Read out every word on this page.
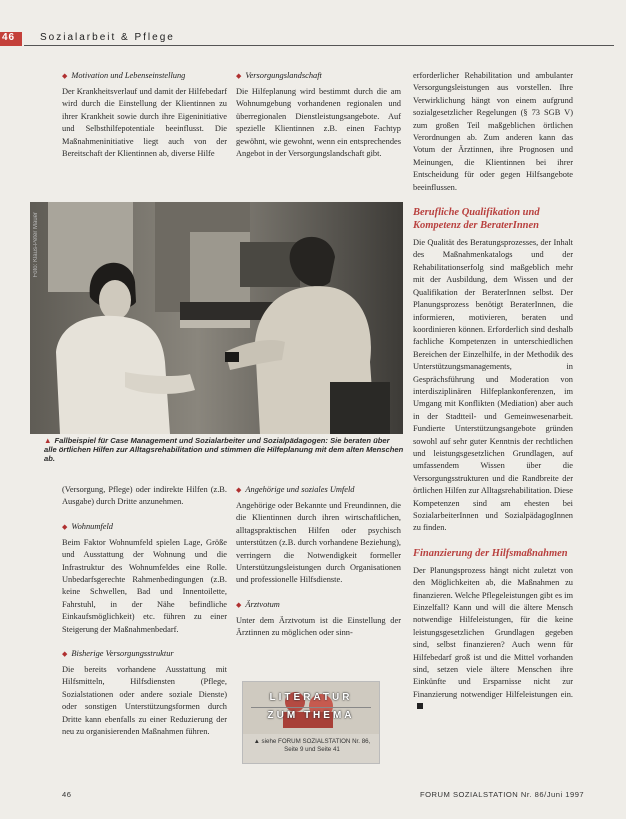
46 Sozialarbeit & Pflege
◆ Motivation und Lebenseinstellung

Der Krankheitsverlauf und damit der Hilfebedarf wird durch die Einstellung der Klientinnen zu ihrer Krankheit sowie durch ihre Eigeninitiative und Selbsthilfepotentiale beeinflusst. Die Maßnahmeninitiative liegt auch von der Bereitschaft der Klientinnen ab, diverse Hilfe

◆ Versorgungslandschaft

Die Hilfeplanung wird bestimmt durch die am Wohnumgebung vorhandenen regionalen und überregionalen Dienstleistungsangebote. Auf spezielle Klientinnen z.B. einen Fachtyp gewöhnt, wie gewohnt, wenn ein entsprechendes Angebot in der Versorgungslandschaft gibt.

erforderlicher Rehabilitation und ambulanter Versorgungsleistungen aus vorstellen. Ihre Verwirklichung hängt von einem aufgrund sozialgesetzlicher Regelungen (§ 73 SGB V) zum großen Teil maßgeblichen örtlichen Verordnungen ab. Zum anderen kann das Votum der Ärztinnen, ihre Prognosen und Meinungen, die Klientinnen bei ihrer Entscheidung für oder gegen Hilfsangebote beeinflussen.

Berufliche Qualifikation und Kompetenz der BeraterInnen

Die Qualität des Beratungsprozesses, der Inhalt des Maßnahmenkatalogs und der Rehabilitationserfolg sind maßgeblich mehr mit der Ausbildung, dem Wissen und der Qualifikation der BeraterInnen selbst. Der Planungsprozess benötigt BeraterInnen, die informieren, motivieren, beraten und koordinieren können. Erforderlich sind deshalb fachliche Kompetenzen in unterschiedlichen Bereichen der Einzelhilfe, in der Methodik des Unterstützungsmanagements, in Gesprächsführung und Moderation von interdisziplinären Hilfeplankonferenzen, im Umgang mit Konflikten (Mediation) aber auch in der Stadtteil- und Gemeinwesenarbeit. Fundierte Unterstützungsangebote gründen sowohl auf sehr guter Kenntnis der rechtlichen und leistungsgesetzlichen Grundlagen, auf umfassendem Wissen über die Versorgungsstrukturen und die Randbreite der örtlichen Hilfen zur Alltagsrehabilitation. Diese Kompetenzen sind am ehesten bei SozialarbeiterInnen und SozialpädagogInnen zu finden.

Finanzierung der Hilfsmaßnahmen

Der Planungsprozess hängt nicht zuletzt von den Möglichkeiten ab, die Maßnahmen zu finanzieren. Welche Pflegeleistungen gibt es im Einzelfall? Kann und will die ältere Mensch notwendige Hilfeleistungen, für die keine leistungsgesetzlichen Grundlagen gegeben sind, selbst finanzieren? Auch wenn für Hilfebedarf groß ist und die Mittel vorhanden sind, setzen viele ältere Menschen ihre Einkünfte und Ersparnisse nicht zur Finanzierung notwendiger Hilfeleistungen ein.

Foto: Klaus-Peter Mauer
▲ Fallbeispiel für Case Management und Sozialarbeiter und Sozialpädagogen: Sie beraten über alle örtlichen Hilfen zur Alltagsrehabilitation und stimmen die Hilfeplanung mit dem alten Menschen ab.

(Versorgung, Pflege) oder indirekte Hilfen (z.B. Ausgabe) durch Dritte anzunehmen.

◆ Wohnumfeld

Beim Faktor Wohnumfeld spielen Lage, Größe und Ausstattung der Wohnung und die Infrastruktur des Wohnumfeldes eine Rolle. Unbedarfsgerechte Rahmenbedingungen (z.B. keine Schwellen, Bad und Innentoilette, Fahrstuhl, in der Nähe befindliche Einkaufsmöglichkeit) etc. führen zu einer Steigerung der Maßnahmenbedarf.

◆ Bisherige Versorgungsstruktur

Die bereits vorhandene Ausstattung mit Hilfsmitteln, Hilfsdiensten (Pflege, Sozialstationen oder andere soziale Dienste) oder sonstigen Unterstützungsformen durch Dritte kann ebenfalls zu einer Reduzierung der neu zu organisierenden Maßnahmen führen.

◆ Angehörige und soziales Umfeld

Angehörige oder Bekannte und Freundinnen, die die Klientinnen durch ihren wirtschaftlichen, alltagspraktischen Hilfen oder psychisch unterstützen (z.B. durch vorhandene Beziehung), verringern die Notwendigkeit formeller Unterstützungsleistungen durch Organisationen und professionelle Hilfsdienste.

◆ Ärztvotum

Unter dem Ärztvotum ist die Einstellung der Ärztinnen zu möglichen oder sinn-

LITERATUR
ZUM THEMA
▲ siehe FORUM SOZIALSTATION Nr. 86, Seite 9 und Seite 41
46	FORUM SOZIALSTATION Nr. 86/Juni 1997
